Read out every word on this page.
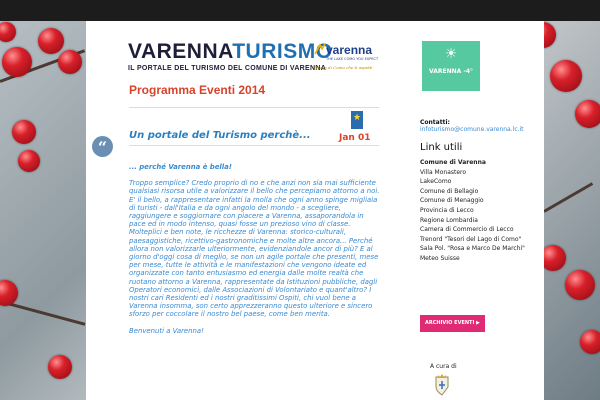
VARENNATURISMO
IL PORTALE DEL TURISMO DEL COMUNE DI VARENNA
varenna
THE LAKE COMO YOU EXPECT
Il lago di Como che ti aspetti
Programma Eventi 2014
★
“
Un portale del Turismo perchè...	Jan 01

... perché Varenna è bella!

Troppo semplice? Credo proprio di no e che anzi non sia mai sufficiente qualsiasi risorsa utile a valorizzare il bello che percepiamo attorno a noi. E' il bello, a rappresentare infatti la molla che ogni anno spinge migliaia di turisti - dall'Italia e da ogni angolo del mondo - a scegliere, raggiungere e soggiornare con piacere a Varenna, assaporandola in pace ed in modo intenso, quasi fosse un prezioso vino di classe. Molteplici e ben note, le ricchezze di Varenna: storico-culturali, paesaggistiche, ricettivo-gastronomiche e molte altre ancora... Perché allora non valorizzarle ulteriormente, evidenziandole ancor di più? E al giorno d'oggi cosa di meglio, se non un agile portale che presenti, mese per mese, tutte le attività e le manifestazioni che vengono ideate ed organizzate con tanto entusiasmo ed energia dalle molte realtà che ruotano attorno a Varenna, rappresentate da Istituzioni pubbliche, dagli Operatori economici, dalle Associazioni di Volontariato e quant'altro? I nostri cari Residenti ed i nostri graditissimi Ospiti, chi vuol bene a Varenna insomma, son certo apprezzeranno questo ulteriore e sincero sforzo per coccolare il nostro bel paese, come ben merita.

Benvenuti a Varenna!

☀
VARENNA -4°
Contatti:
infoturismo@comune.varenna.lc.it
Link utili
Comune di Varenna
Villa Monastero
LakeComo
Comune di Bellagio
Comune di Menaggio
Provincia di Lecco
Regione Lombardia
Camera di Commercio di Lecco
Trenord "Tesori del Lago di Como"
Sala Pol. "Rosa e Marco De Marchi"
Meteo Suisse
ARCHIVIO EVENTI ▶
A cura di
